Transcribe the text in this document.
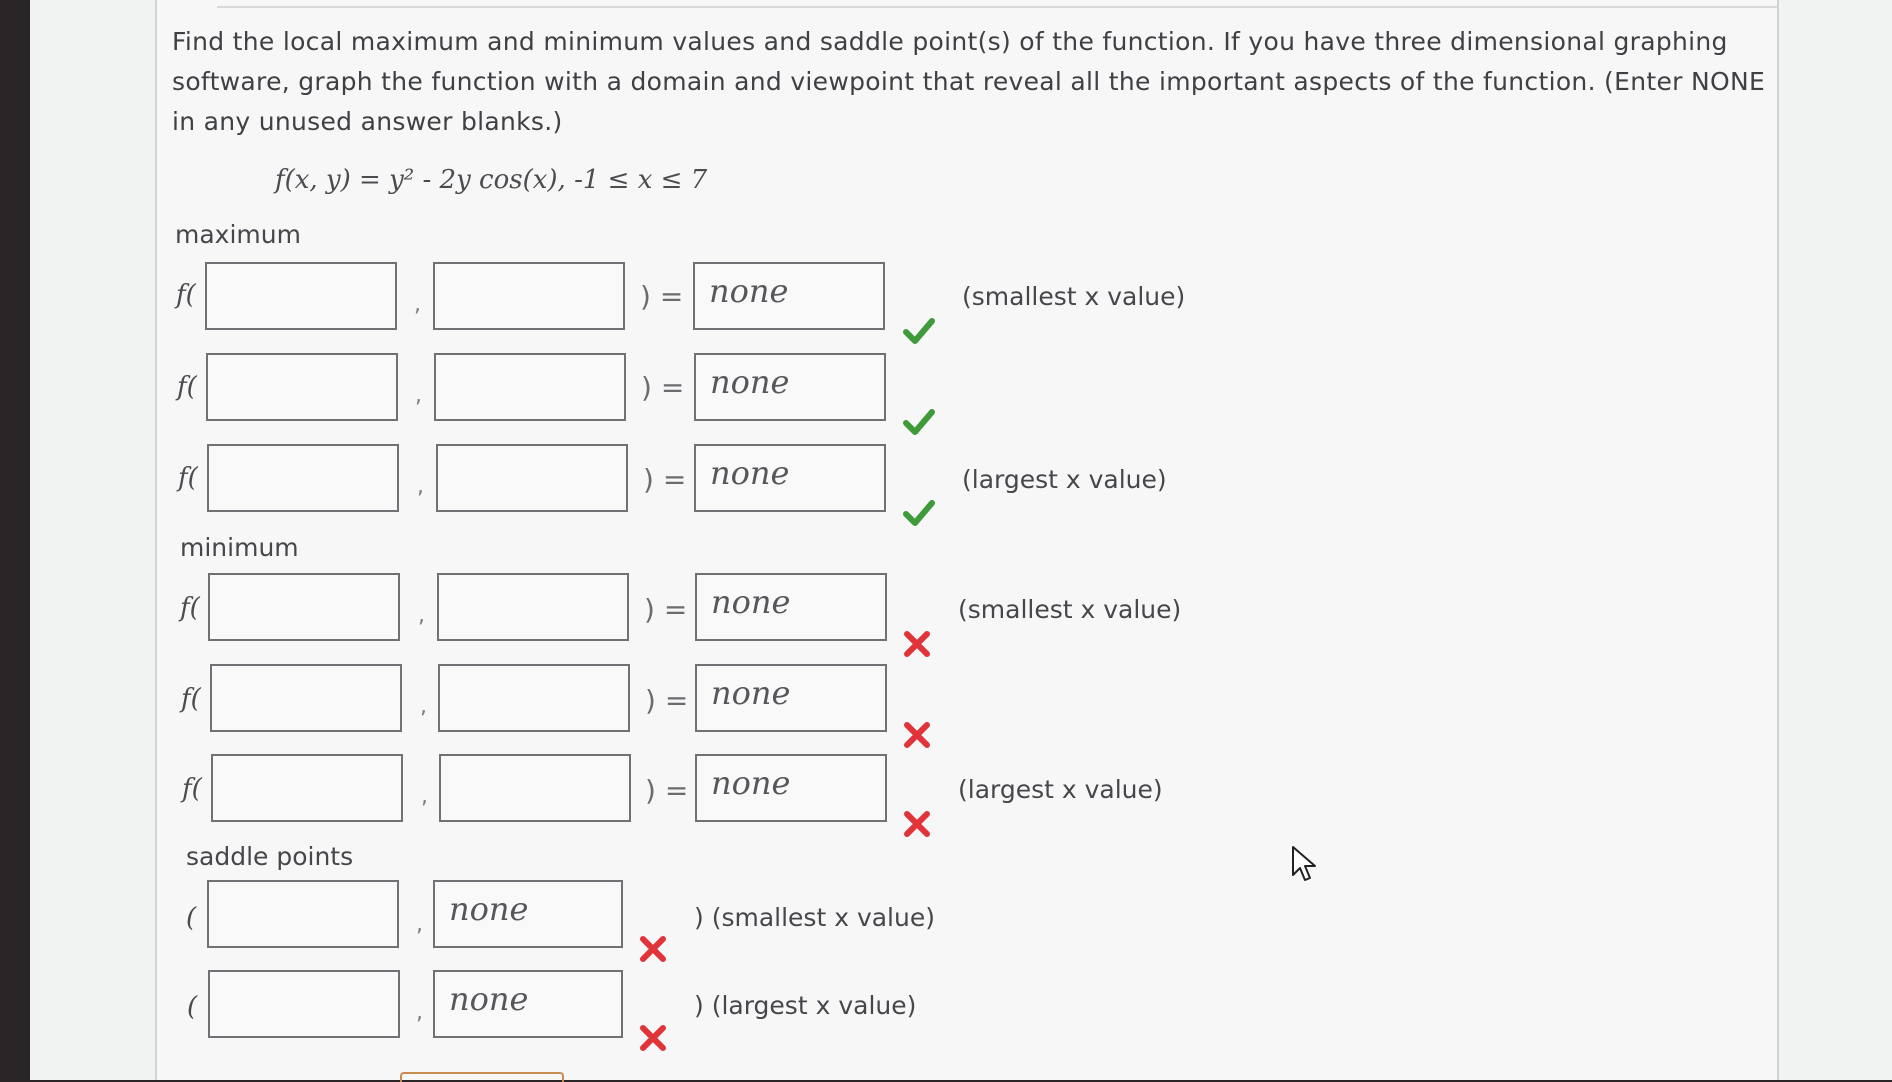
Find the local maximum and minimum values and saddle point(s) of the function. If you have three dimensional graphing
software, graph the function with a domain and viewpoint that reveal all the important aspects of the function. (Enter NONE
in any unused answer blanks.)
f(x, y) = y² - 2y cos(x), -1 ≤ x ≤ 7
maximum
minimum
saddle points
f(	,	) = none	(smallest x value)
f(	,	) = none
f(	,	) = none	(largest x value)
f(	,	) = none	(smallest x value)
f(	,	) = none
f(	,	) = none	(largest x value)
(	, none	) (smallest x value)
(	, none	) (largest x value)
